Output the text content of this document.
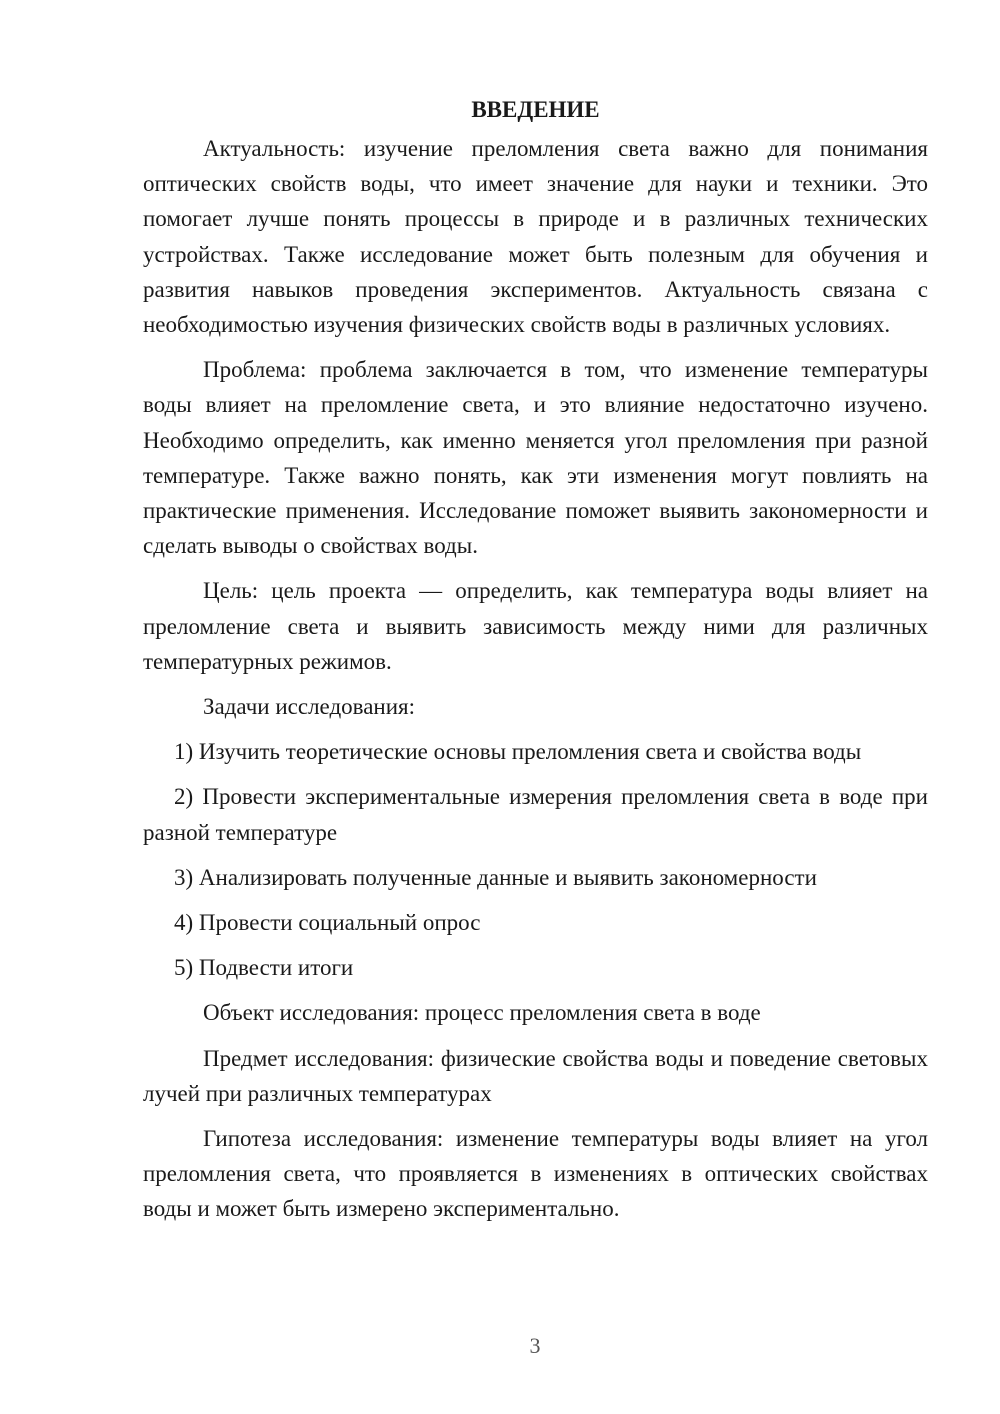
ВВЕДЕНИЕ

Актуальность: изучение преломления света важно для понимания оптических свойств воды, что имеет значение для науки и техники. Это помогает лучше понять процессы в природе и в различных технических устройствах. Также исследование может быть полезным для обучения и развития навыков проведения экспериментов. Актуальность связана с необходимостью изучения физических свойств воды в различных условиях.

Проблема: проблема заключается в том, что изменение температуры воды влияет на преломление света, и это влияние недостаточно изучено. Необходимо определить, как именно меняется угол преломления при разной температуре. Также важно понять, как эти изменения могут повлиять на практические применения. Исследование поможет выявить закономерности и сделать выводы о свойствах воды.

Цель: цель проекта — определить, как температура воды влияет на преломление света и выявить зависимость между ними для различных температурных режимов.

Задачи исследования:

1) Изучить теоретические основы преломления света и свойства воды

2) Провести экспериментальные измерения преломления света в воде при разной температуре

3) Анализировать полученные данные и выявить закономерности

4) Провести социальный опрос

5) Подвести итоги

Объект исследования: процесс преломления света в воде

Предмет исследования: физические свойства воды и поведение световых лучей при различных температурах

Гипотеза исследования: изменение температуры воды влияет на угол преломления света, что проявляется в изменениях в оптических свойствах воды и может быть измерено экспериментально.

3
